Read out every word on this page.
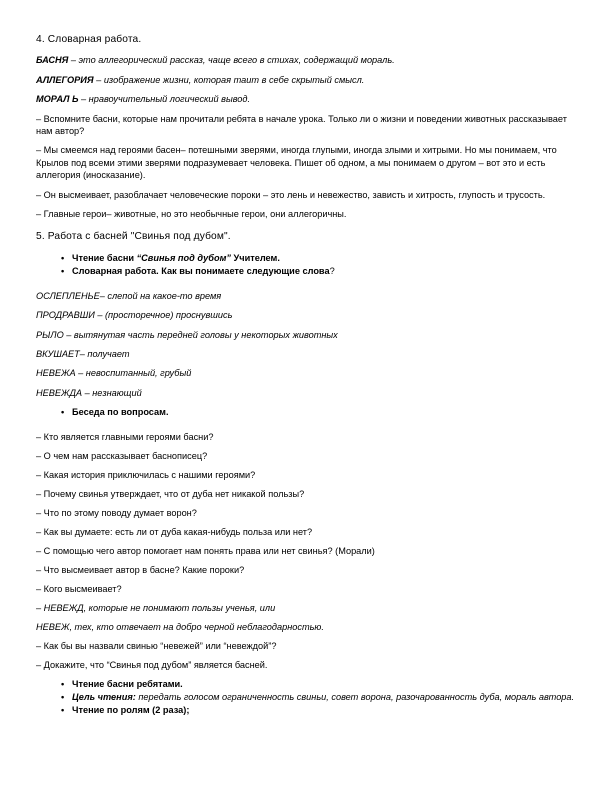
4. Словарная работа.
БАСНЯ – это аллегорический рассказ, чаще всего в стихах, содержащий мораль.
АЛЛЕГОРИЯ – изображение жизни, которая таит в себе скрытый смысл.
МОРАЛ Ь – нравоучительный логический вывод.
– Вспомните басни, которые нам прочитали ребята в начале урока. Только ли о жизни и поведении животных рассказывает нам автор?
– Мы смеемся над героями басен– потешными зверями, иногда глупыми, иногда злыми и хитрыми. Но мы понимаем, что Крылов под всеми этими зверями подразумевает человека. Пишет об одном, а мы понимаем о другом – вот это и есть аллегория (иносказание).
– Он высмеивает, разоблачает человеческие пороки – это лень и невежество, зависть и хитрость, глупость и трусость.
– Главные герои– животные, но это необычные герои, они аллегоричны.
5. Работа с басней "Свинья под дубом".
• Чтение басни “Свинья под дубом” Учителем.
• Словарная работа. Как вы понимаете следующие слова?
ОСЛЕПЛЕНЬЕ– слепой на какое-то время
ПРОДРАВШИ – (просторечное) проснувшись
РЫЛО – вытянутая часть передней головы у некоторых животных
ВКУШАЕТ– получает
НЕВЕЖА – невоспитанный, грубый
НЕВЕЖДА – незнающий
• Беседа по вопросам.
– Кто является главными героями басни?
– О чем нам рассказывает баснописец?
– Какая история приключилась с нашими героями?
– Почему свинья утверждает, что от дуба нет никакой пользы?
– Что по этому поводу думает ворон?
– Как вы думаете: есть ли от дуба какая-нибудь польза или нет?
– С помощью чего автор помогает нам понять права или нет свинья? (Морали)
– Что высмеивает автор в басне? Какие пороки?
– Кого высмеивает?
– НЕВЕЖД, которые не понимают пользы ученья, или
НЕВЕЖ, тех, кто отвечает на добро черной неблагодарностью.
– Как бы вы назвали свинью “невежей” или “невеждой”?
– Докажите, что “Свинья под дубом” является басней.
• Чтение басни ребятами.
• Цель чтения: передать голосом ограниченность свиньи, совет ворона, разочарованность дуба, мораль автора.
• Чтение по ролям (2 раза);
